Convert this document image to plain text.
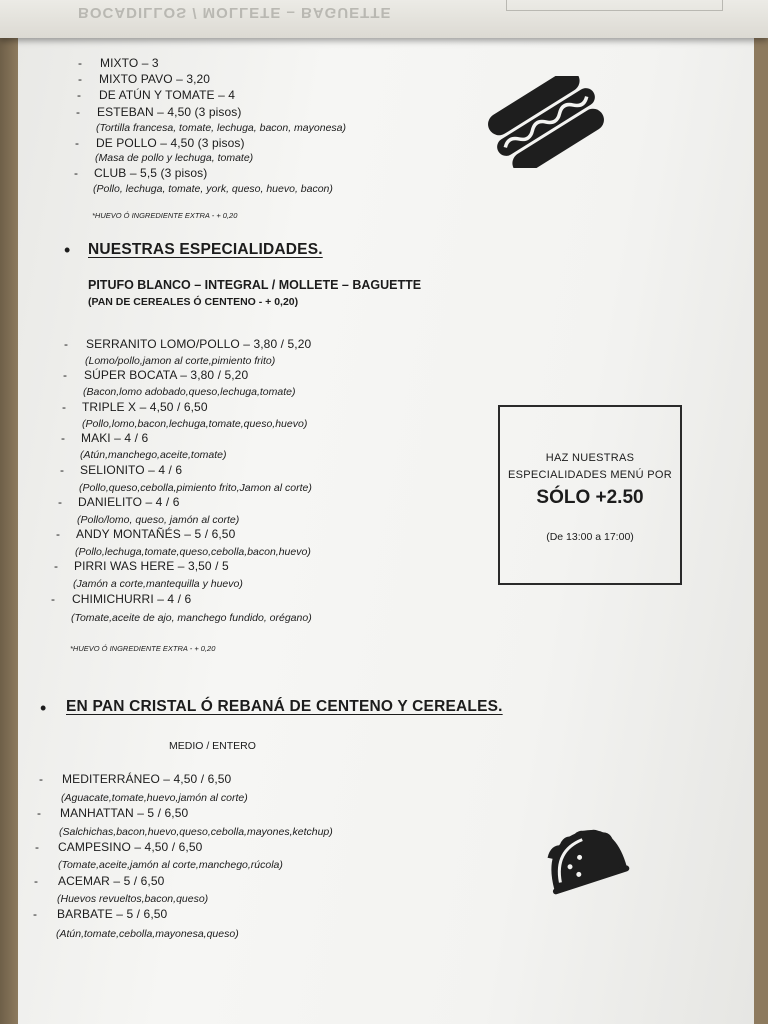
BOCADILLOS / MOLLETE – BAGUETTE
- MIXTO – 3
- MIXTO PAVO – 3,20
- DE ATÚN Y TOMATE – 4
- ESTEBAN – 4,50 (3 pisos)
(Tortilla francesa, tomate, lechuga, bacon, mayonesa)
- DE POLLO – 4,50 (3 pisos)
(Masa de pollo y lechuga, tomate)
- CLUB – 5,5 (3 pisos)
(Pollo, lechuga, tomate, york, queso, huevo, bacon)
*HUEVO Ó INGREDIENTE EXTRA - + 0,20
• NUESTRAS ESPECIALIDADES.
PITUFO BLANCO – INTEGRAL / MOLLETE – BAGUETTE
(PAN DE CEREALES Ó CENTENO - + 0,20)
- SERRANITO LOMO/POLLO – 3,80 / 5,20
(Lomo/pollo,jamon al corte,pimiento frito)
- SÚPER BOCATA – 3,80 / 5,20
(Bacon,lomo adobado,queso,lechuga,tomate)
- TRIPLE X – 4,50 / 6,50
(Pollo,lomo,bacon,lechuga,tomate,queso,huevo)
- MAKI – 4 / 6
(Atún,manchego,aceite,tomate)
- SELIONITO – 4 / 6
(Pollo,queso,cebolla,pimiento frito,Jamon al corte)
- DANIELITO – 4 / 6
(Pollo/lomo, queso, jamón al corte)
- ANDY MONTAÑÉS – 5 / 6,50
(Pollo,lechuga,tomate,queso,cebolla,bacon,huevo)
- PIRRI WAS HERE – 3,50 / 5
(Jamón a corte,mantequilla y huevo)
- CHIMICHURRI – 4 / 6
(Tomate,aceite de ajo, manchego fundido, orégano)
*HUEVO Ó INGREDIENTE EXTRA - + 0,20
HAZ NUESTRAS
ESPECIALIDADES MENÚ POR
SÓLO +2.50
(De 13:00 a 17:00)
• EN PAN CRISTAL Ó REBANÁ DE CENTENO Y CEREALES.
MEDIO / ENTERO
- MEDITERRÁNEO – 4,50 / 6,50
(Aguacate,tomate,huevo,jamón al corte)
- MANHATTAN – 5 / 6,50
(Salchichas,bacon,huevo,queso,cebolla,mayones,ketchup)
- CAMPESINO – 4,50 / 6,50
(Tomate,aceite,jamón al corte,manchego,rúcola)
- ACEMAR – 5 / 6,50
(Huevos revueltos,bacon,queso)
- BARBATE – 5 / 6,50
(Atún,tomate,cebolla,mayonesa,queso)
